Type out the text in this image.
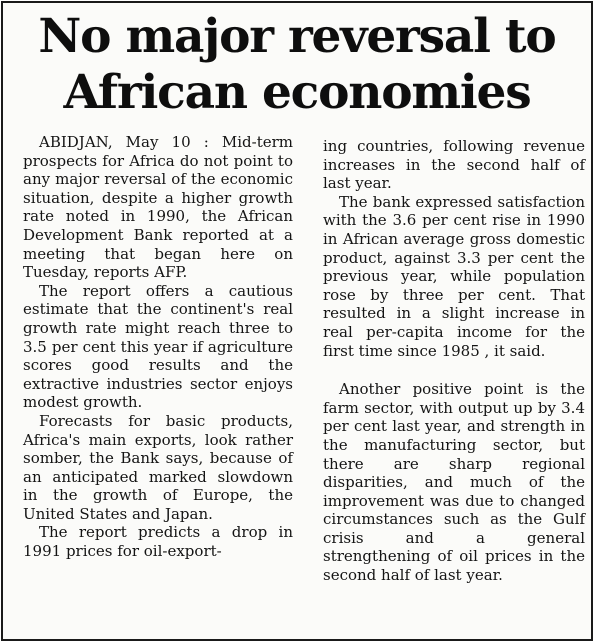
No major reversal to
African economies

ABIDJAN, May 10 : Mid-term prospects for Africa do not point to any major reversal of the economic situation, despite a higher growth rate noted in 1990, the African Development Bank reported at a meeting that began here on Tuesday, reports AFP.

The report offers a cautious estimate that the continent's real growth rate might reach three to 3.5 per cent this year if agriculture scores good results and the extractive industries sector enjoys modest growth.

Forecasts for basic products, Africa's main exports, look rather somber, the Bank says, because of an anticipated marked slowdown in the growth of Europe, the United States and Japan.

The report predicts a drop in 1991 prices for oil-export-

ing countries, following revenue increases in the second half of last year.

The bank expressed satisfaction with the 3.6 per cent rise in 1990 in African average gross domestic product, against 3.3 per cent the previous year, while population rose by three per cent. That resulted in a slight increase in real per-capita income for the first time since 1985 , it said.

Another positive point is the farm sector, with output up by 3.4 per cent last year, and strength in the manufacturing sector, but there are sharp regional disparities, and much of the improvement was due to changed circumstances such as the Gulf crisis and a general strengthening of oil prices in the second half of last year.
